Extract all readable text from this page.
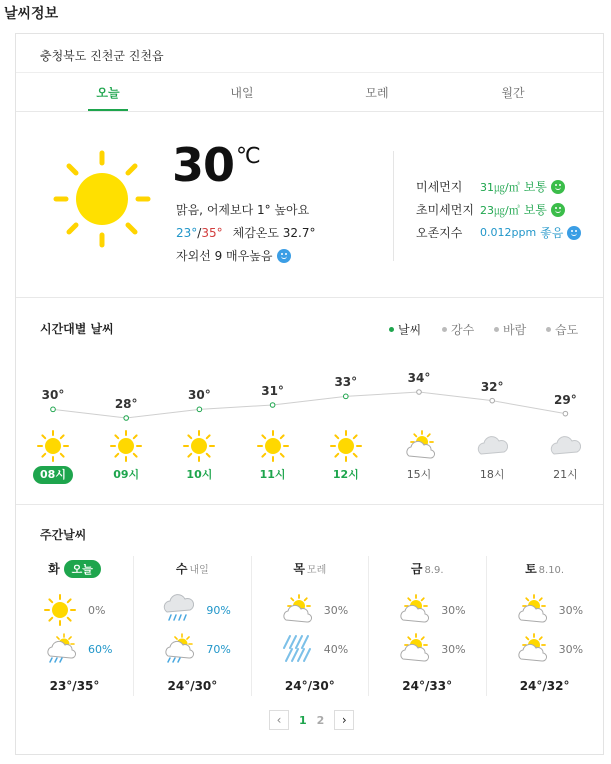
날씨정보
충청북도 진천군 진천읍
오늘	내일	모레	월간
30 ℃
맑음, 어제보다 1° 높아요
23°/35° 체감온도 32.7°
자외선 9 매우높음
미세먼지	31㎍/㎥ 보통
초미세먼지 23㎍/㎥ 보통
오존지수	0.012ppm 좋음
시간대별 날씨	날씨 강수 바람 습도
30°
08시
28°
09시
30°
10시
31°
11시
33°
12시
34°
15시
32°
18시
29°
21시
주간날씨
화 오늘
0%
60%
23°/35°
수 내일
90%
70%
24°/30°
목 모레
30%
40%
24°/30°
금 8.9.
30%
30%
24°/33°
토 8.10.
30%
30%
24°/32°
‹	1 2	›
